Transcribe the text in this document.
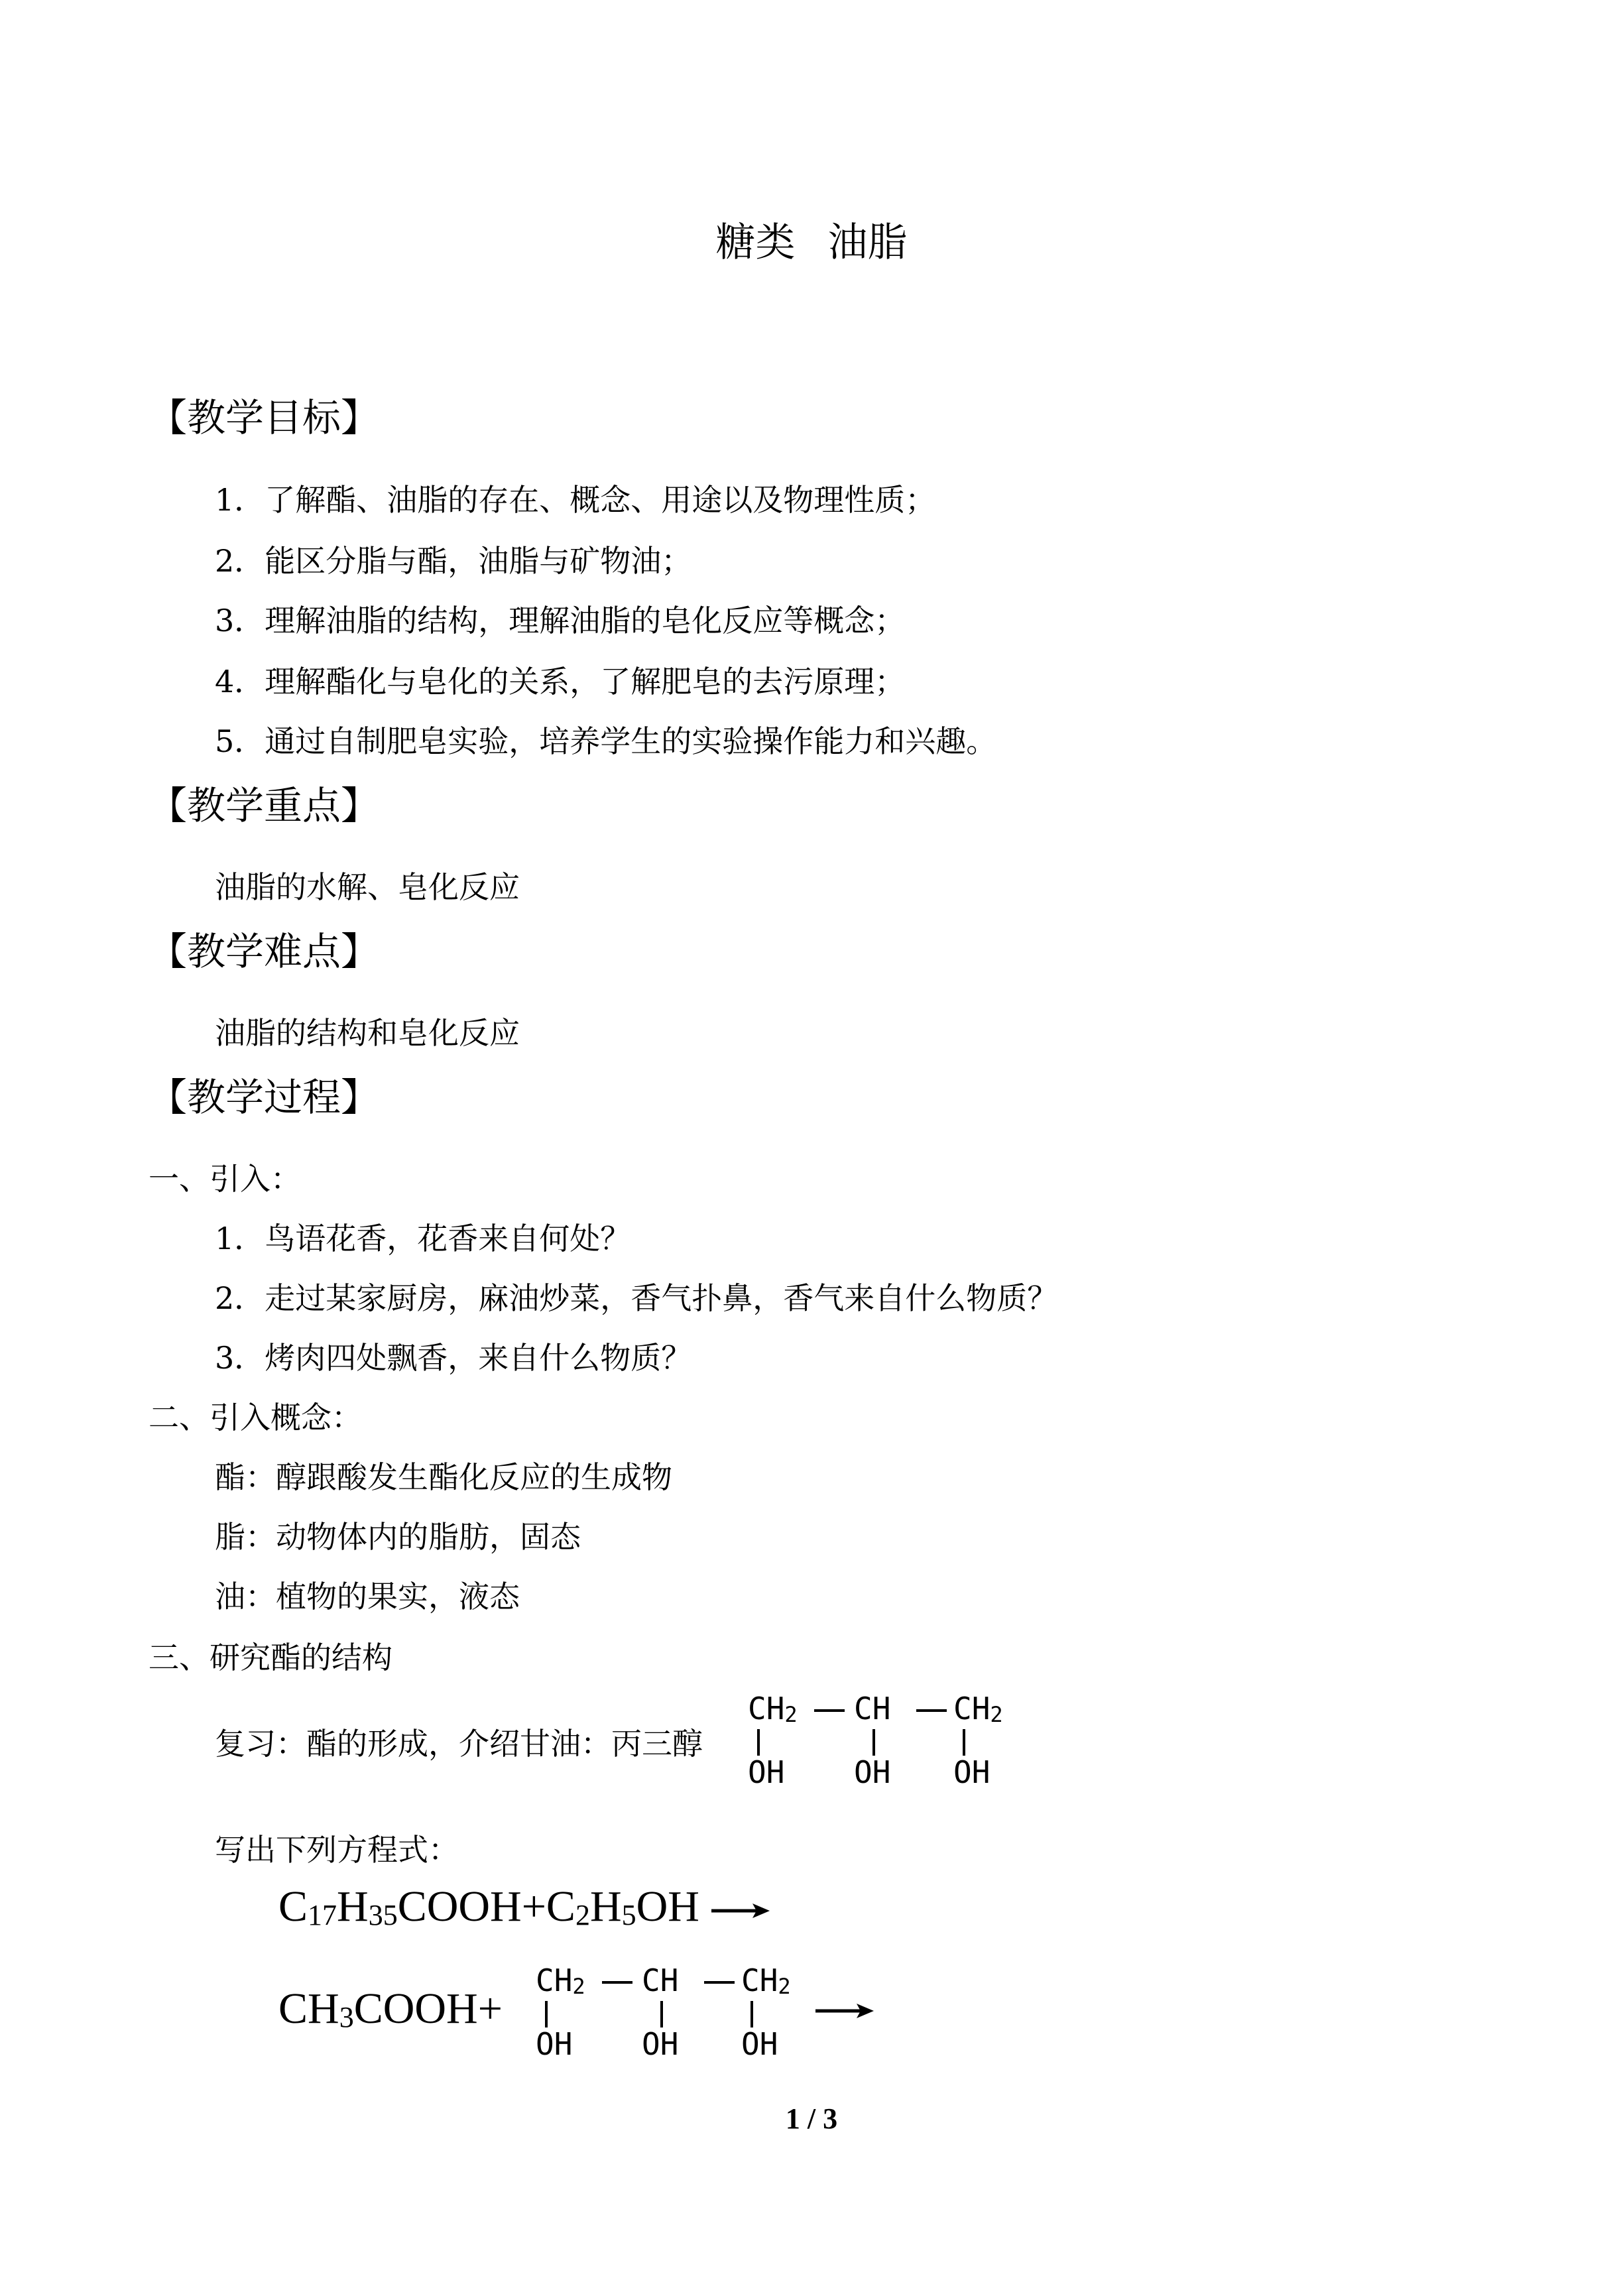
糖类 油脂
【教学目标】
1．了解酯、油脂的存在、概念、用途以及物理性质；
2．能区分脂与酯，油脂与矿物油；
3．理解油脂的结构，理解油脂的皂化反应等概念；
4．理解酯化与皂化的关系，了解肥皂的去污原理；
5．通过自制肥皂实验，培养学生的实验操作能力和兴趣。
【教学重点】
油脂的水解、皂化反应
【教学难点】
油脂的结构和皂化反应
【教学过程】
一、引入：
1．鸟语花香，花香来自何处？
2．走过某家厨房，麻油炒菜，香气扑鼻，香气来自什么物质？
3．烤肉四处飘香，来自什么物质？
二、引入概念：
酯：醇跟酸发生酯化反应的生成物
脂：动物体内的脂肪，固态
油：植物的果实，液态
三、研究酯的结构
复习：酯的形成，介绍甘油：丙三醇
$CH_2$ CH $CH_2$
OH OH OH
写出下列方程式：
$C_{17}H_{35}COOH+C_2H_5OH$ →
$CH_3COOH+$
$CH_2$ CH $CH_2$
OH OH OH
1 / 3
